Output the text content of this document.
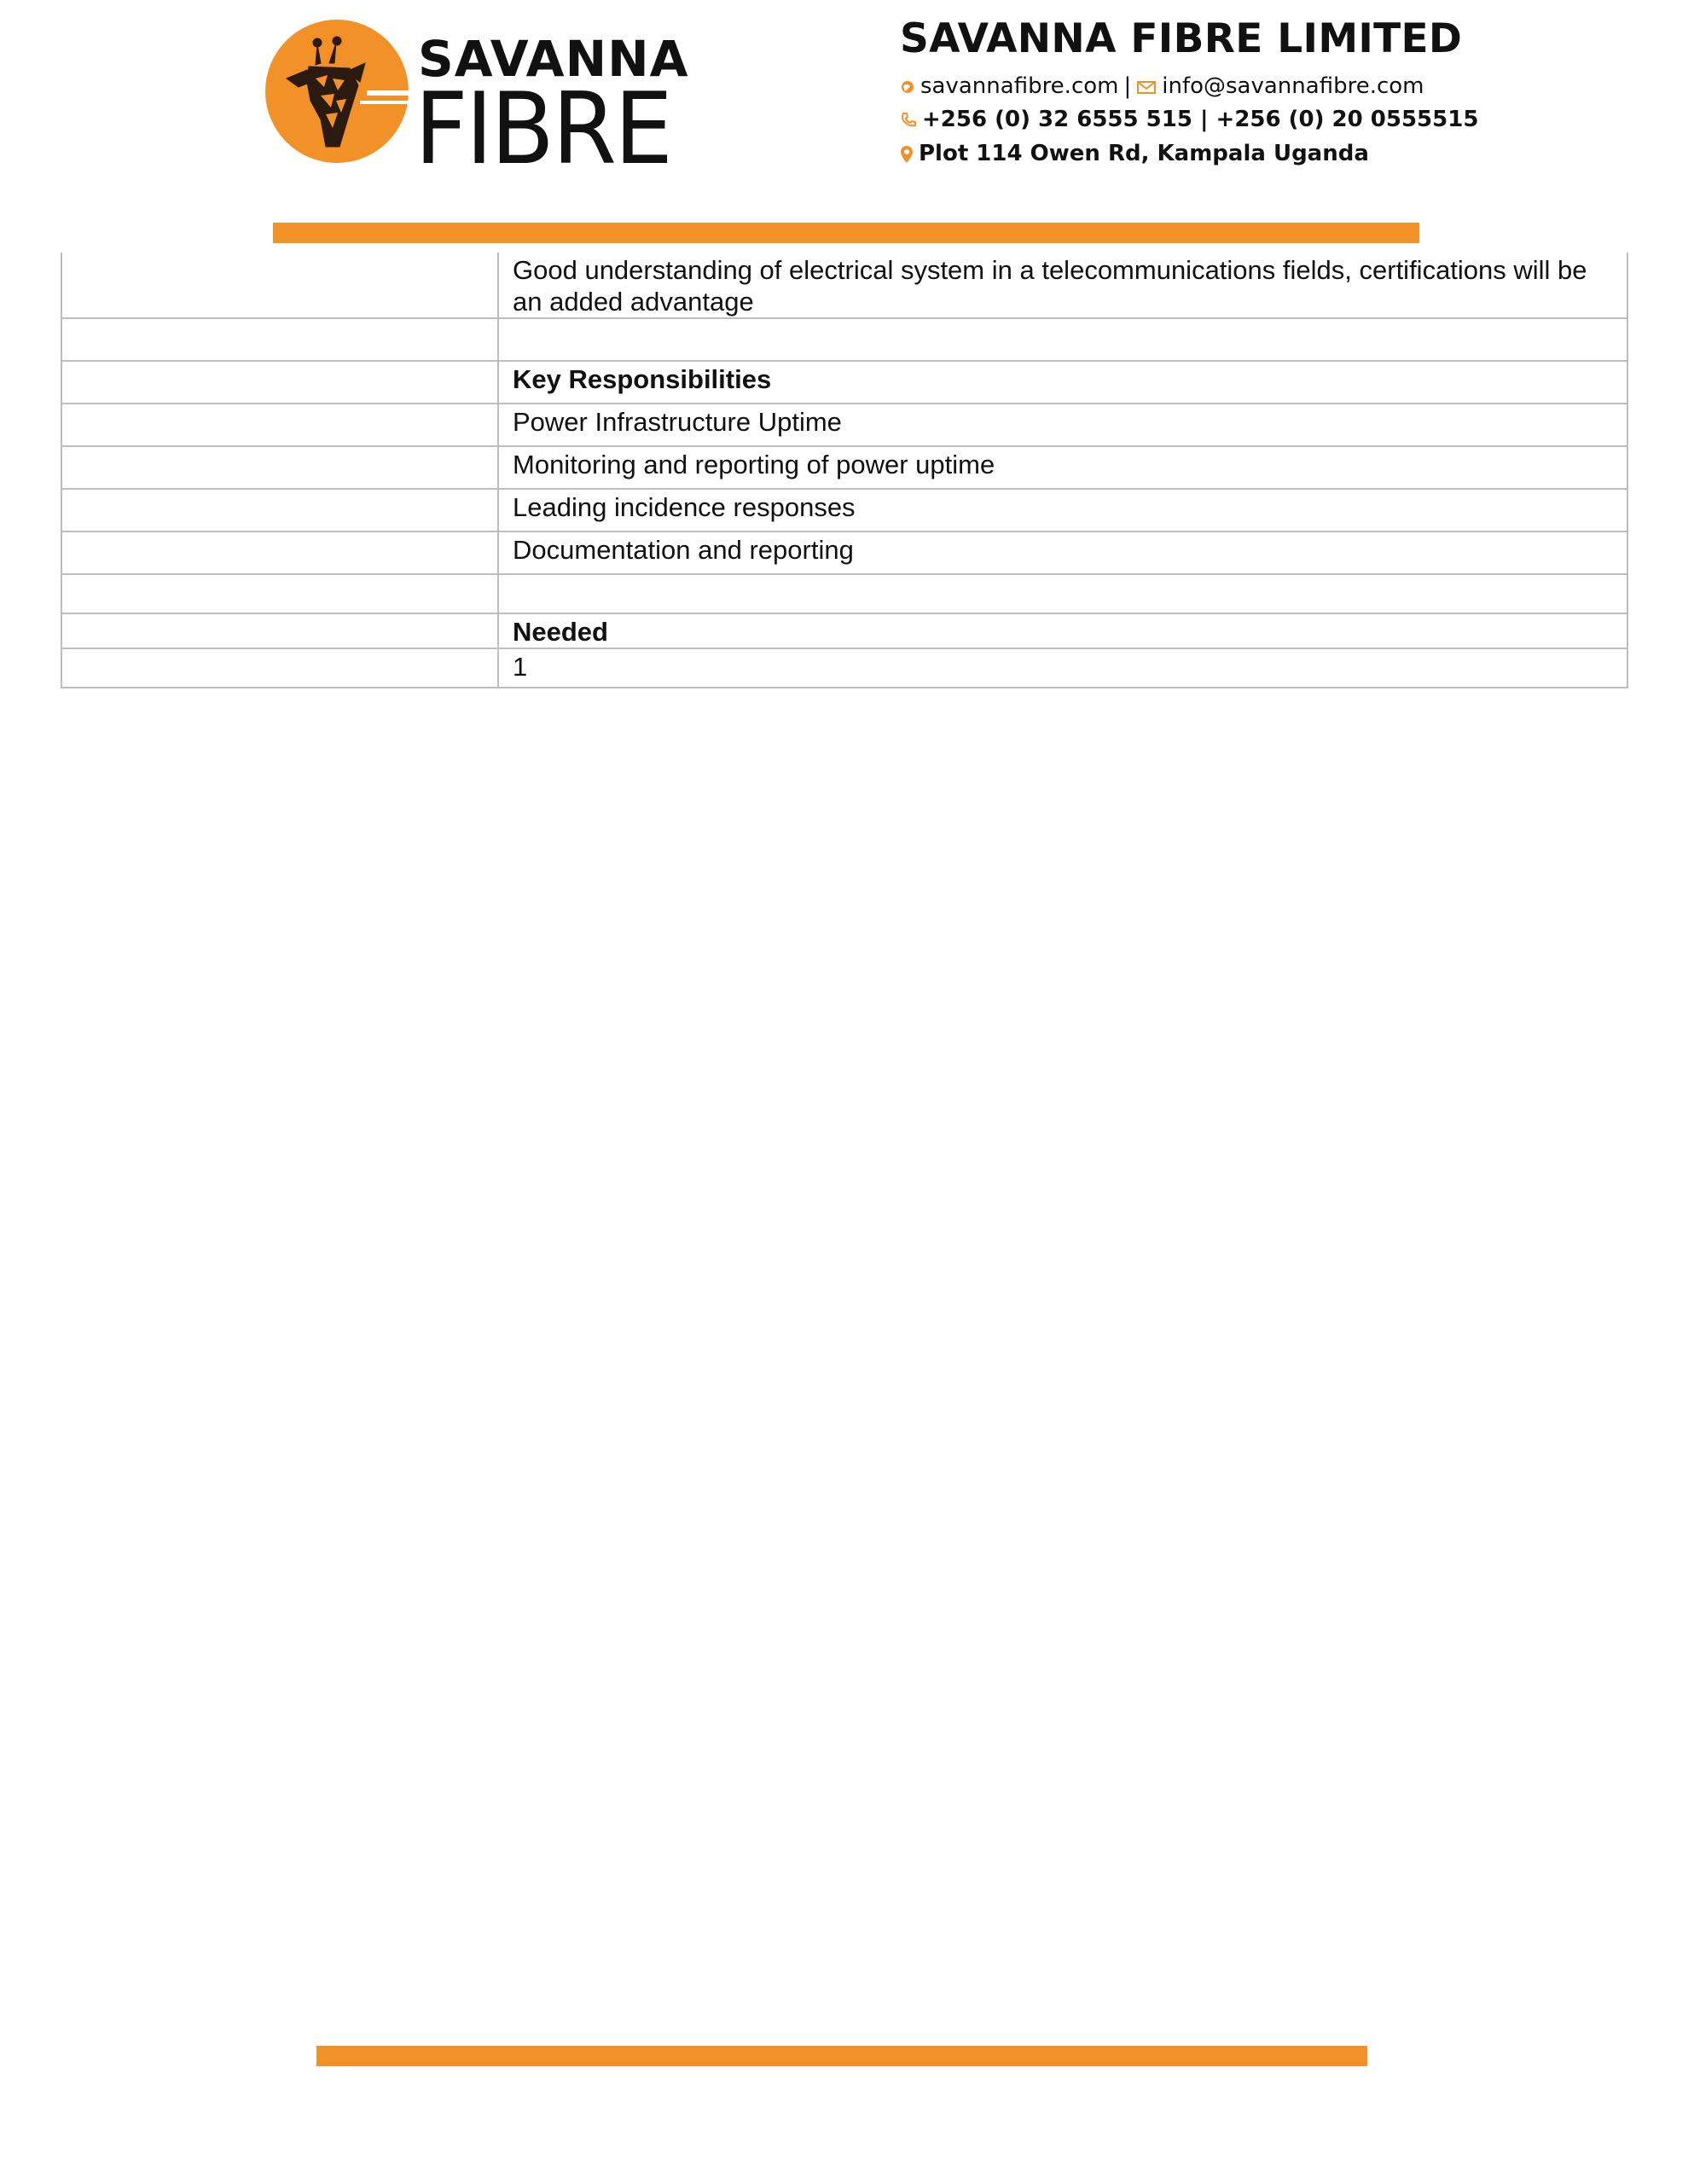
SAVANNA
FIBRE
SAVANNA FIBRE LIMITED
savannafibre.com | info@savannafibre.com
+256 (0) 32 6555 515 | +256 (0) 20 0555515
Plot 114 Owen Rd, Kampala Uganda
	Good understanding of electrical system in a telecommunications fields, certifications will be an added advantage

	Key Responsibilities
	Power Infrastructure Uptime
	Monitoring and reporting of power uptime
	Leading incidence responses
	Documentation and reporting

	Needed
	1
